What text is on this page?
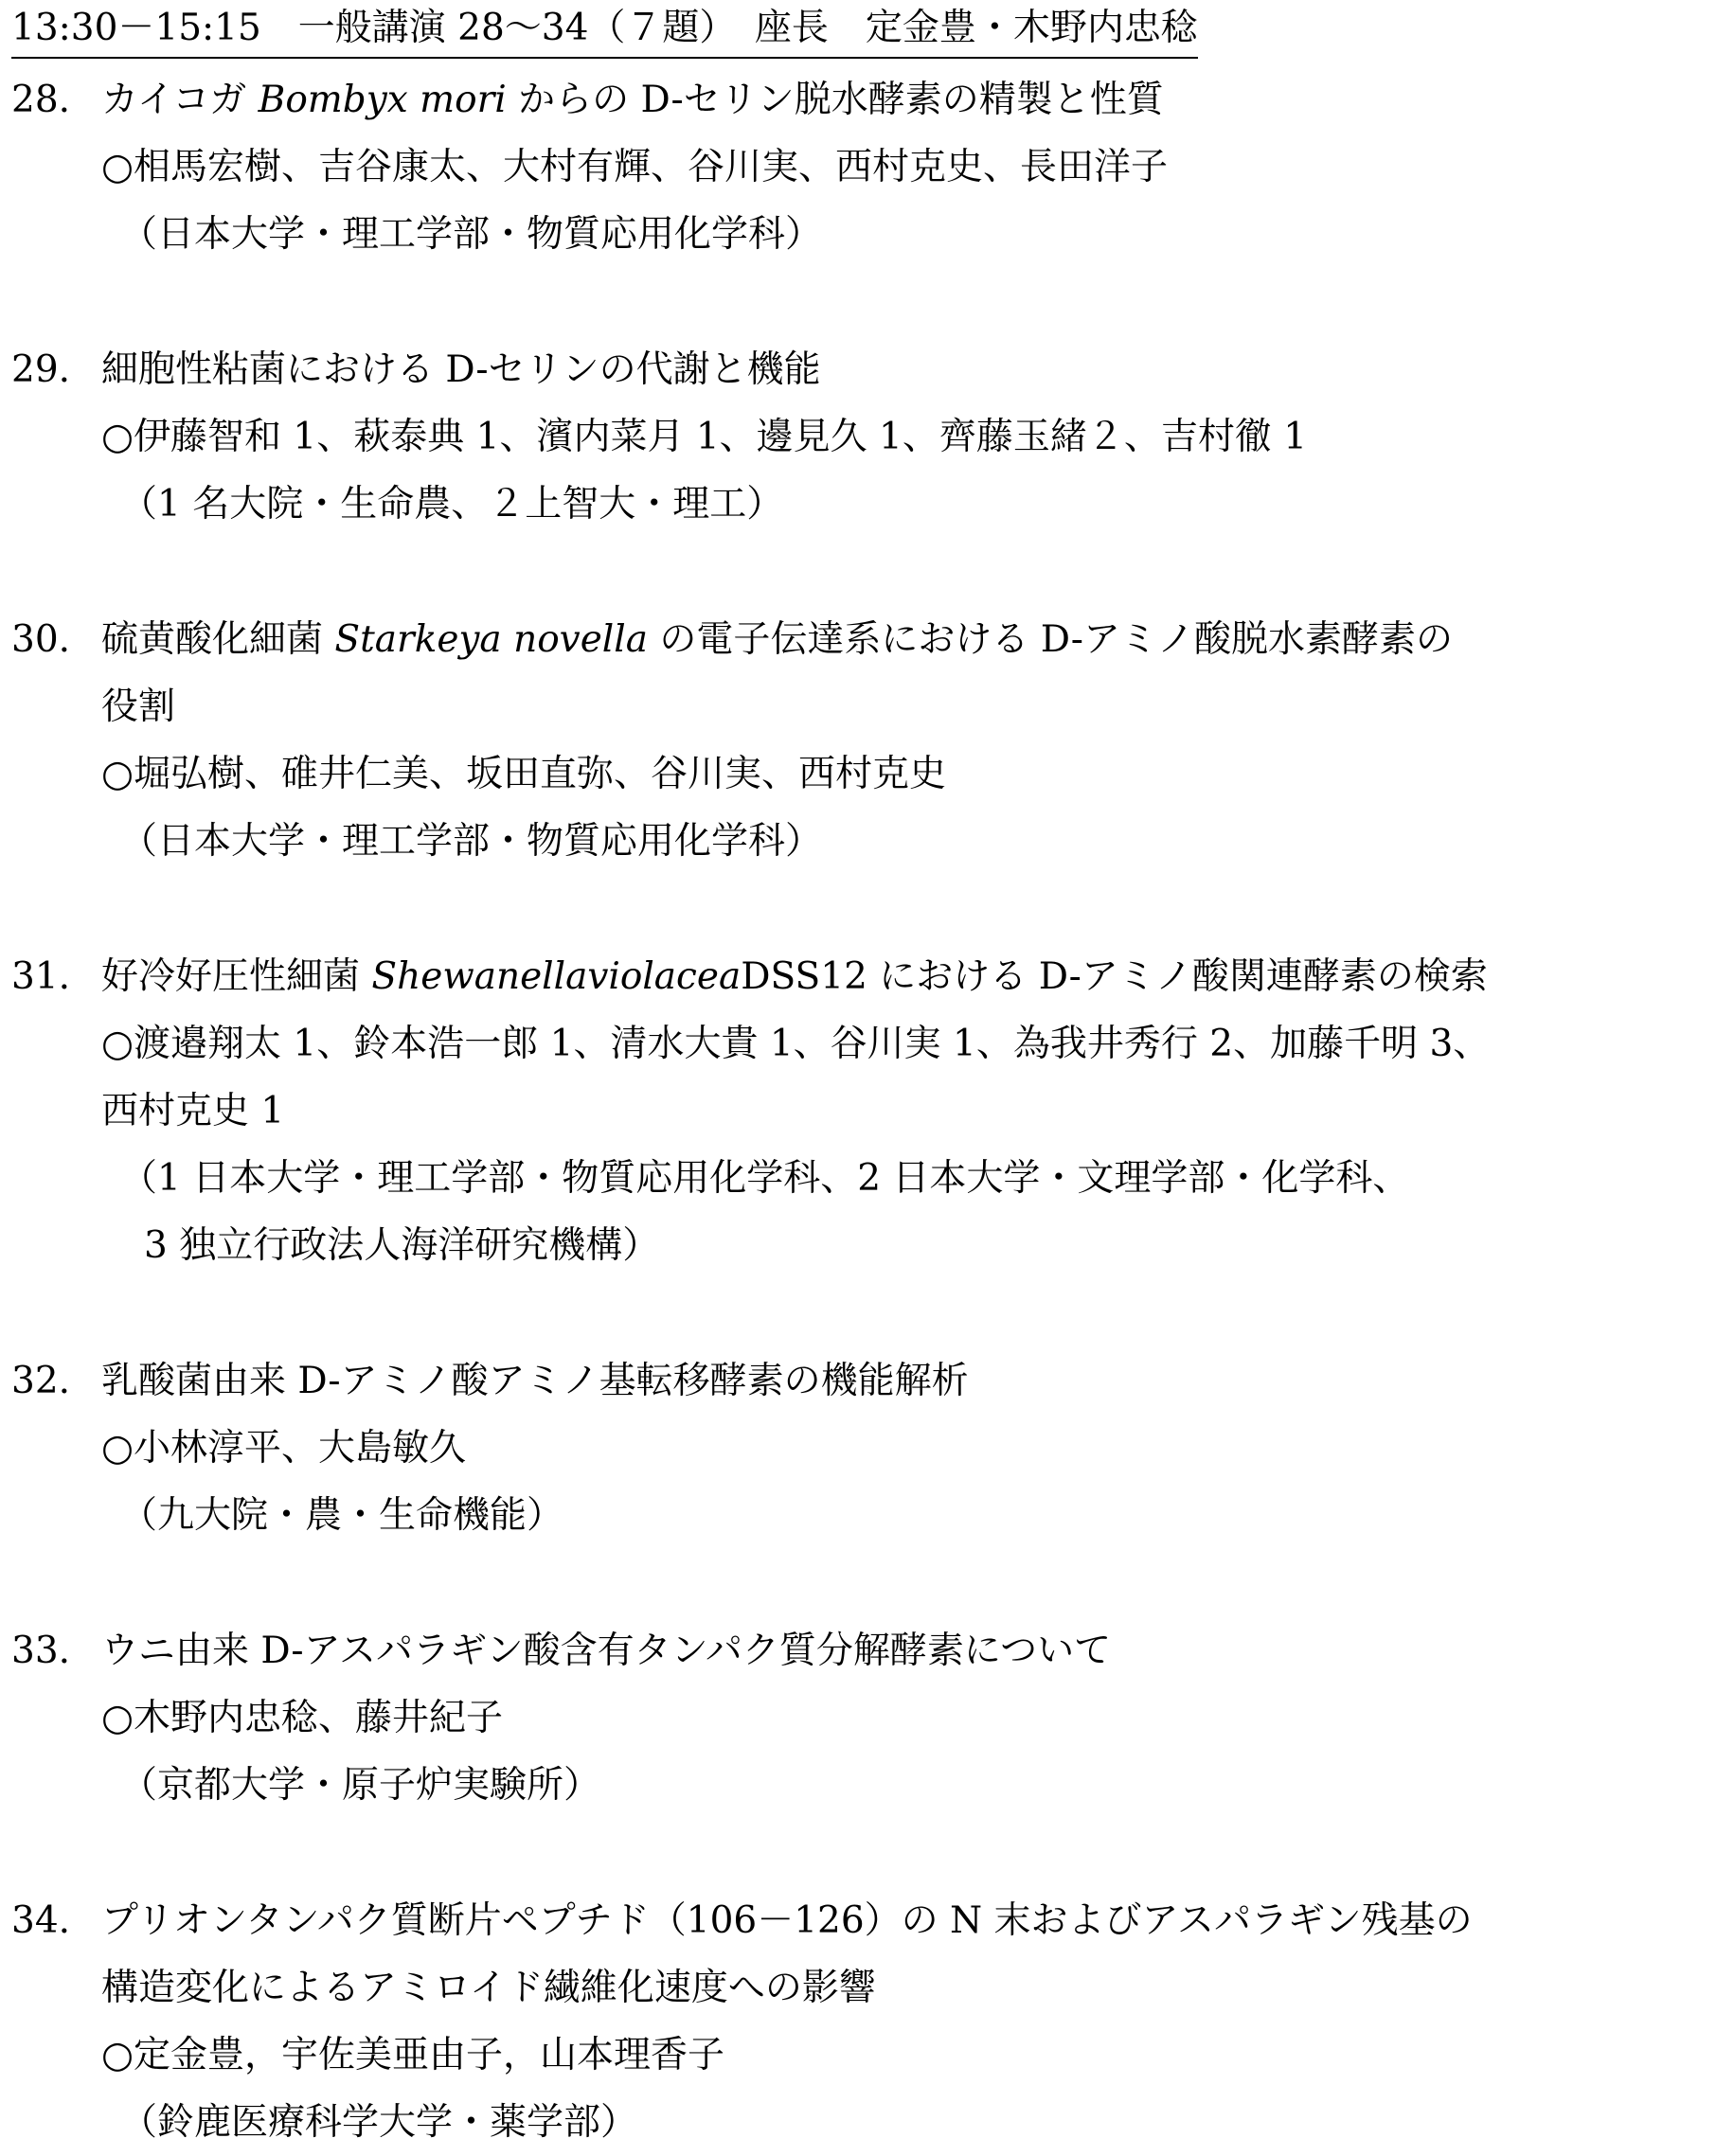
13:30－15:15　一般講演 28～34（７題）　座長　定金豊・木野内忠稔
28. カイコガ Bombyx mori からの D-セリン脱水酵素の精製と性質
○相馬宏樹、吉谷康太、大村有輝、谷川実、西村克史、長田洋子
（日本大学・理工学部・物質応用化学科）
29. 細胞性粘菌における D-セリンの代謝と機能
○伊藤智和 1、萩泰典 1、濱内菜月 1、邊見久 1、齊藤玉緒２、吉村徹 1
（1 名大院・生命農、２上智大・理工）
30. 硫黄酸化細菌 Starkeya novella の電子伝達系における D-アミノ酸脱水素酵素の
役割
○堀弘樹、碓井仁美、坂田直弥、谷川実、西村克史
（日本大学・理工学部・物質応用化学科）
31. 好冷好圧性細菌 ShewanellaviolaceaDSS12 における D-アミノ酸関連酵素の検索
○渡邉翔太 1、鈴本浩一郎 1、清水大貴 1、谷川実 1、為我井秀行 2、加藤千明 3、
西村克史 1
（1 日本大学・理工学部・物質応用化学科、2 日本大学・文理学部・化学科、
3 独立行政法人海洋研究機構）
32. 乳酸菌由来 D-アミノ酸アミノ基転移酵素の機能解析
○小林淳平、大島敏久
（九大院・農・生命機能）
33. ウニ由来 D-アスパラギン酸含有タンパク質分解酵素について
○木野内忠稔、藤井紀子
（京都大学・原子炉実験所）
34. プリオンタンパク質断片ペプチド（106－126）の N 末およびアスパラギン残基の
構造変化によるアミロイド繊維化速度への影響
○定金豊，宇佐美亜由子，山本理香子
（鈴鹿医療科学大学・薬学部）
